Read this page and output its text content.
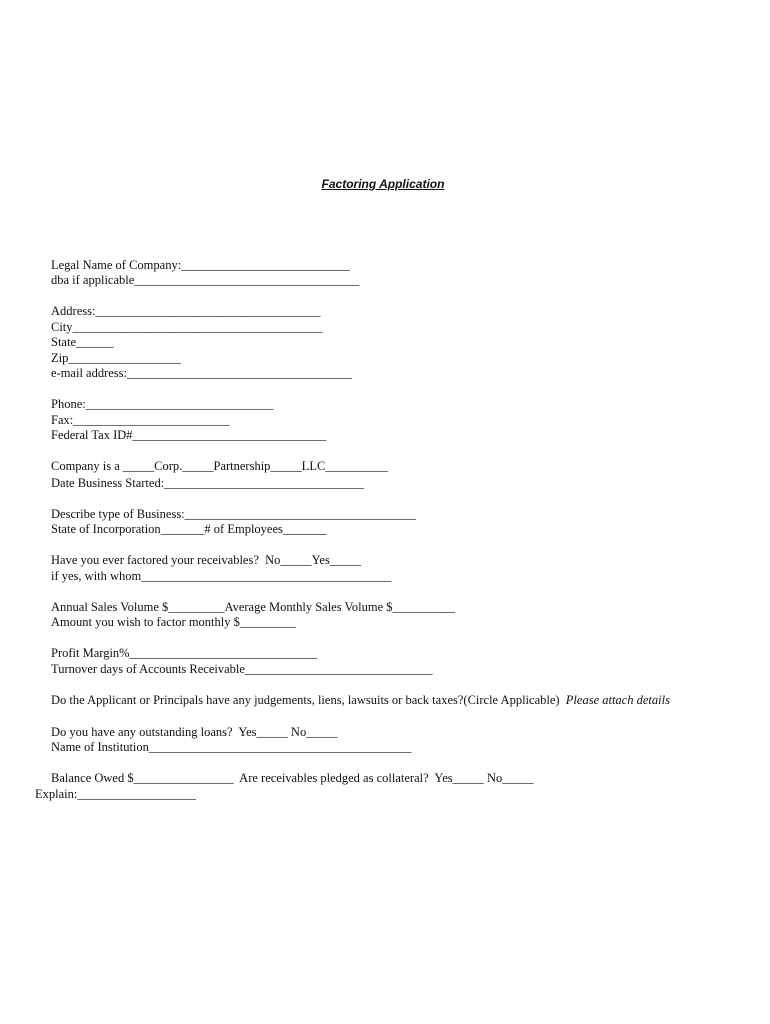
Factoring Application
Legal Name of Company:___________________________
dba if applicable____________________________________
Address:____________________________________
City________________________________________
State______
Zip__________________
e-mail address:____________________________________
Phone:______________________________
Fax:_________________________
Federal Tax ID#_______________________________
Company is a _____Corp._____Partnership_____LLC__________
Date Business Started:________________________________
Describe type of Business:_____________________________________
State of Incorporation_______# of Employees_______
Have you ever factored your receivables?  No_____Yes_____
if yes, with whom________________________________________
Annual Sales Volume $_________Average Monthly Sales Volume $__________
Amount you wish to factor monthly $_________
Profit Margin%______________________________
Turnover days of Accounts Receivable______________________________
Do the Applicant or Principals have any judgements, liens, lawsuits or back taxes?(Circle Applicable)  Please attach details
Do you have any outstanding loans?  Yes_____ No_____
Name of Institution__________________________________________
Balance Owed $________________  Are receivables pledged as collateral?  Yes_____ No_____
Explain:___________________
